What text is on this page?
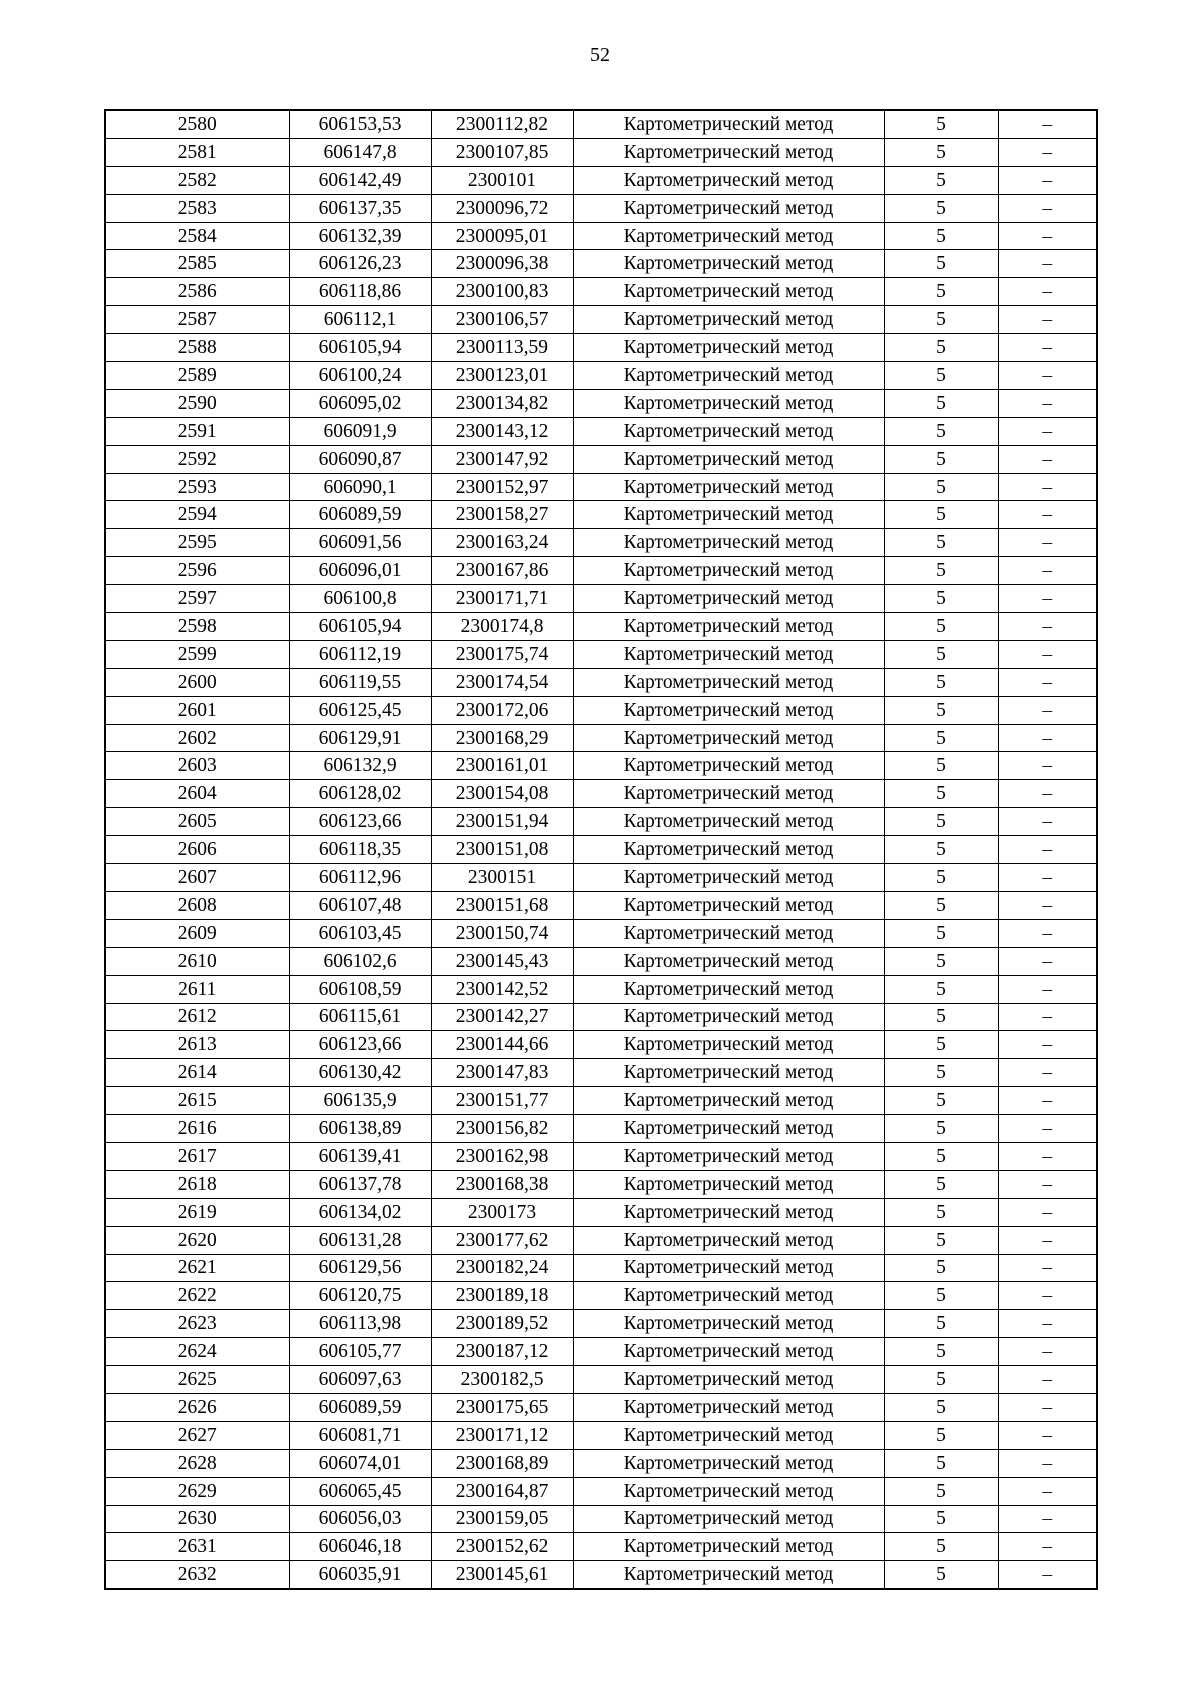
52
2580	606153,53	2300112,82	Картометрический метод	5	–
2581	606147,8	2300107,85	Картометрический метод	5	–
2582	606142,49	2300101	Картометрический метод	5	–
2583	606137,35	2300096,72	Картометрический метод	5	–
2584	606132,39	2300095,01	Картометрический метод	5	–
2585	606126,23	2300096,38	Картометрический метод	5	–
2586	606118,86	2300100,83	Картометрический метод	5	–
2587	606112,1	2300106,57	Картометрический метод	5	–
2588	606105,94	2300113,59	Картометрический метод	5	–
2589	606100,24	2300123,01	Картометрический метод	5	–
2590	606095,02	2300134,82	Картометрический метод	5	–
2591	606091,9	2300143,12	Картометрический метод	5	–
2592	606090,87	2300147,92	Картометрический метод	5	–
2593	606090,1	2300152,97	Картометрический метод	5	–
2594	606089,59	2300158,27	Картометрический метод	5	–
2595	606091,56	2300163,24	Картометрический метод	5	–
2596	606096,01	2300167,86	Картометрический метод	5	–
2597	606100,8	2300171,71	Картометрический метод	5	–
2598	606105,94	2300174,8	Картометрический метод	5	–
2599	606112,19	2300175,74	Картометрический метод	5	–
2600	606119,55	2300174,54	Картометрический метод	5	–
2601	606125,45	2300172,06	Картометрический метод	5	–
2602	606129,91	2300168,29	Картометрический метод	5	–
2603	606132,9	2300161,01	Картометрический метод	5	–
2604	606128,02	2300154,08	Картометрический метод	5	–
2605	606123,66	2300151,94	Картометрический метод	5	–
2606	606118,35	2300151,08	Картометрический метод	5	–
2607	606112,96	2300151	Картометрический метод	5	–
2608	606107,48	2300151,68	Картометрический метод	5	–
2609	606103,45	2300150,74	Картометрический метод	5	–
2610	606102,6	2300145,43	Картометрический метод	5	–
2611	606108,59	2300142,52	Картометрический метод	5	–
2612	606115,61	2300142,27	Картометрический метод	5	–
2613	606123,66	2300144,66	Картометрический метод	5	–
2614	606130,42	2300147,83	Картометрический метод	5	–
2615	606135,9	2300151,77	Картометрический метод	5	–
2616	606138,89	2300156,82	Картометрический метод	5	–
2617	606139,41	2300162,98	Картометрический метод	5	–
2618	606137,78	2300168,38	Картометрический метод	5	–
2619	606134,02	2300173	Картометрический метод	5	–
2620	606131,28	2300177,62	Картометрический метод	5	–
2621	606129,56	2300182,24	Картометрический метод	5	–
2622	606120,75	2300189,18	Картометрический метод	5	–
2623	606113,98	2300189,52	Картометрический метод	5	–
2624	606105,77	2300187,12	Картометрический метод	5	–
2625	606097,63	2300182,5	Картометрический метод	5	–
2626	606089,59	2300175,65	Картометрический метод	5	–
2627	606081,71	2300171,12	Картометрический метод	5	–
2628	606074,01	2300168,89	Картометрический метод	5	–
2629	606065,45	2300164,87	Картометрический метод	5	–
2630	606056,03	2300159,05	Картометрический метод	5	–
2631	606046,18	2300152,62	Картометрический метод	5	–
2632	606035,91	2300145,61	Картометрический метод	5	–
